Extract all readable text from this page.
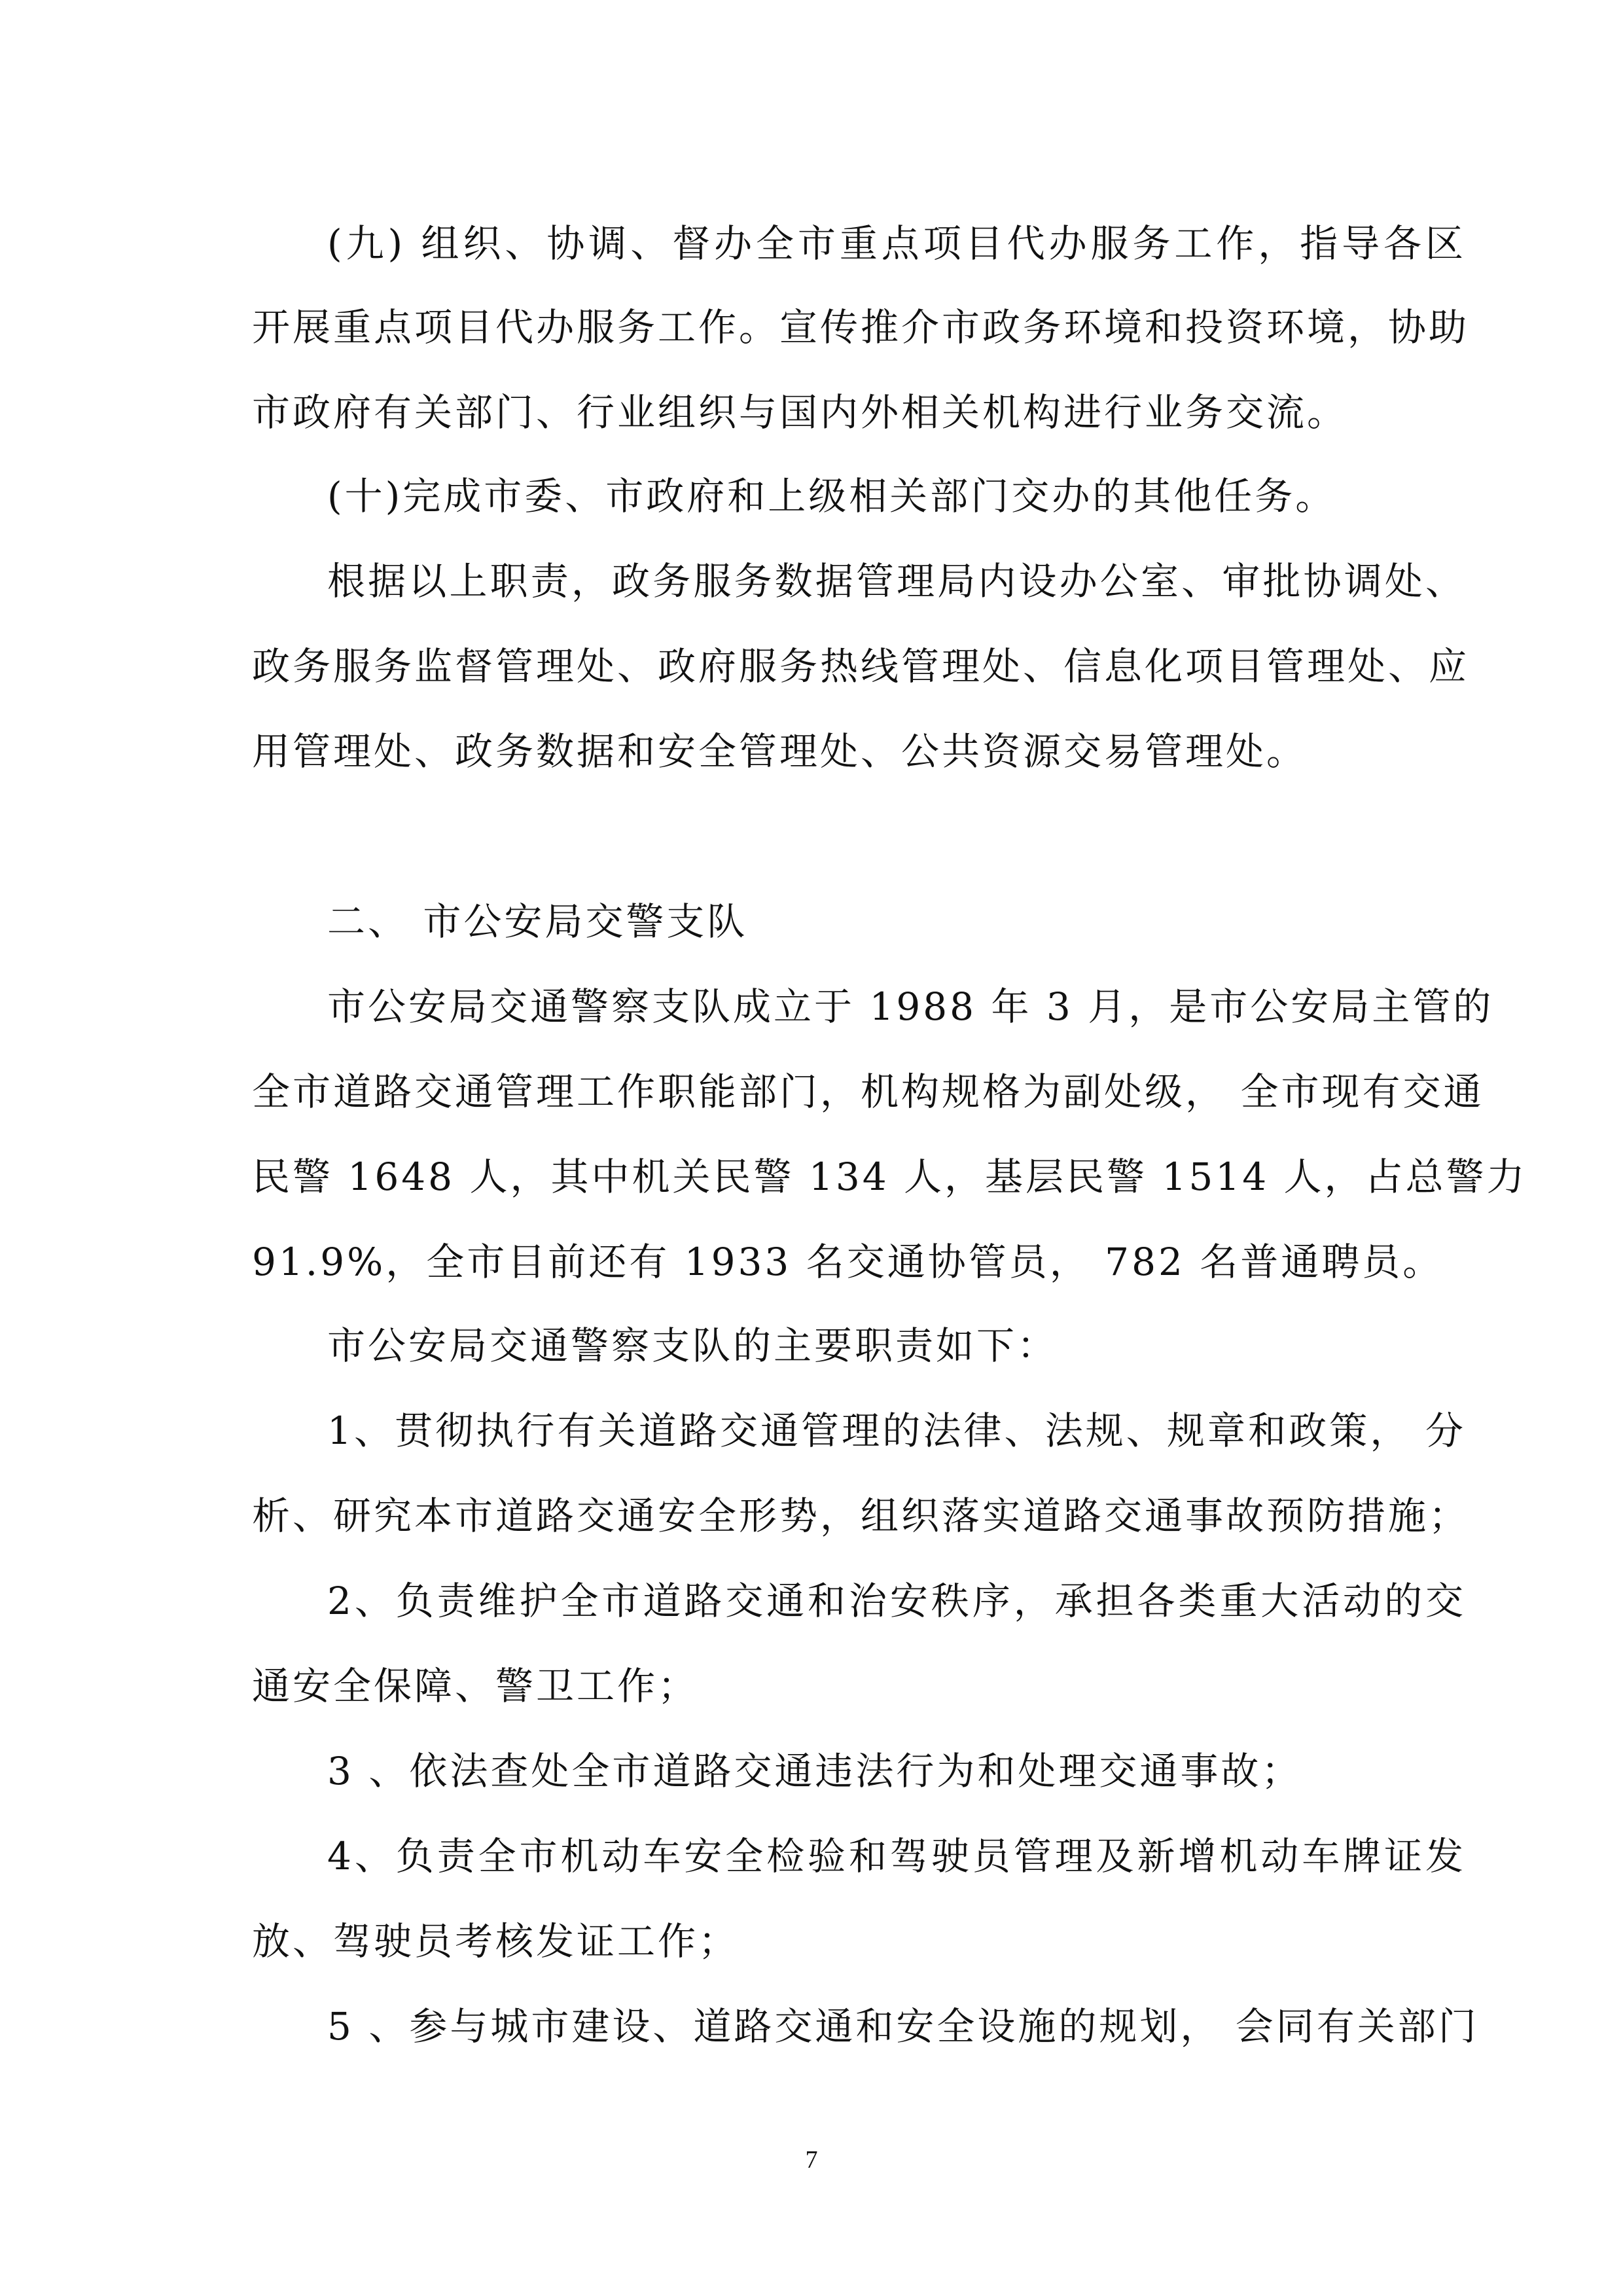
(九) 组织、协调、督办全市重点项目代办服务工作，指导各区
开展重点项目代办服务工作。宣传推介市政务环境和投资环境，协助
市政府有关部门、行业组织与国内外相关机构进行业务交流。
(十)完成市委、市政府和上级相关部门交办的其他任务。
根据以上职责，政务服务数据管理局内设办公室、审批协调处、
政务服务监督管理处、政府服务热线管理处、信息化项目管理处、应
用管理处、政务数据和安全管理处、公共资源交易管理处。
二、 市公安局交警支队
市公安局交通警察支队成立于 1988 年 3 月，是市公安局主管的
全市道路交通管理工作职能部门，机构规格为副处级， 全市现有交通
民警 1648 人，其中机关民警 134 人，基层民警 1514 人，占总警力
91.9%，全市目前还有 1933 名交通协管员， 782 名普通聘员。
市公安局交通警察支队的主要职责如下：
1、贯彻执行有关道路交通管理的法律、法规、规章和政策， 分
析、研究本市道路交通安全形势，组织落实道路交通事故预防措施；
2、负责维护全市道路交通和治安秩序，承担各类重大活动的交
通安全保障、警卫工作；
3 、依法查处全市道路交通违法行为和处理交通事故；
4、负责全市机动车安全检验和驾驶员管理及新增机动车牌证发
放、驾驶员考核发证工作；
5 、参与城市建设、道路交通和安全设施的规划， 会同有关部门
7
